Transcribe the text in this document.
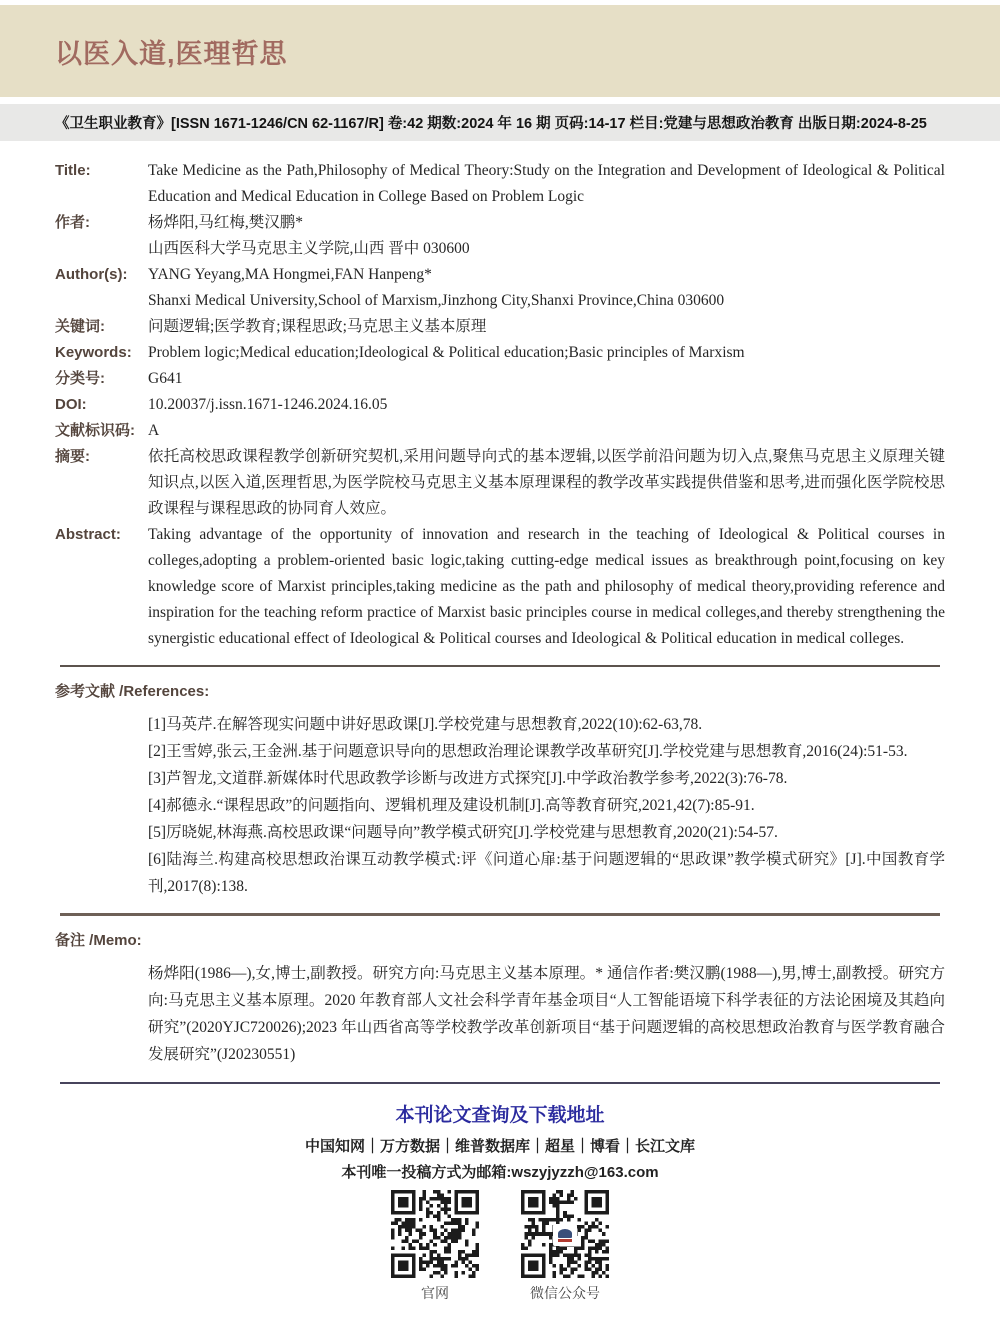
以医入道,医理哲思
《卫生职业教育》[ISSN 1671-1246/CN 62-1167/R] 卷:42 期数:2024 年 16 期 页码:14-17 栏目:党建与思想政治教育 出版日期:2024-8-25
Title:	Take Medicine as the Path,Philosophy of Medical Theory:Study on the Integration and Development of Ideological & Political Education and Medical Education in College Based on Problem Logic
作者:	杨烨阳,马红梅,樊汉鹏*
山西医科大学马克思主义学院,山西 晋中 030600
Author(s):	YANG Yeyang,MA Hongmei,FAN Hanpeng*
Shanxi Medical University,School of Marxism,Jinzhong City,Shanxi Province,China 030600
关键词:	问题逻辑;医学教育;课程思政;马克思主义基本原理
Keywords:	Problem logic;Medical education;Ideological & Political education;Basic principles of Marxism
分类号:	G641
DOI:	10.20037/j.issn.1671-1246.2024.16.05
文献标识码: A
摘要:	依托高校思政课程教学创新研究契机,采用问题导向式的基本逻辑,以医学前沿问题为切入点,聚焦马克思主义原理关键知识点,以医入道,医理哲思,为医学院校马克思主义基本原理课程的教学改革实践提供借鉴和思考,进而强化医学院校思政课程与课程思政的协同育人效应。
Abstract:	Taking advantage of the opportunity of innovation and research in the teaching of Ideological & Political courses in colleges,adopting a problem-oriented basic logic,taking cutting-edge medical issues as breakthrough point,focusing on key knowledge score of Marxist principles,taking medicine as the path and philosophy of medical theory,providing reference and inspiration for the teaching reform practice of Marxist basic principles course in medical colleges,and thereby strengthening the synergistic educational effect of Ideological & Political courses and Ideological & Political education in medical colleges.
参考文献 /References:

[1]马英芹.在解答现实问题中讲好思政课[J].学校党建与思想教育,2022(10):62-63,78.

[2]王雪婷,张云,王金洲.基于问题意识导向的思想政治理论课教学改革研究[J].学校党建与思想教育,2016(24):51-53.

[3]芦智龙,文道群.新媒体时代思政教学诊断与改进方式探究[J].中学政治教学参考,2022(3):76-78.

[4]郝德永.“课程思政”的问题指向、逻辑机理及建设机制[J].高等教育研究,2021,42(7):85-91.

[5]厉晓妮,林海燕.高校思政课“问题导向”教学模式研究[J].学校党建与思想教育,2020(21):54-57.

[6]陆海兰.构建高校思想政治课互动教学模式:评《问道心扉:基于问题逻辑的“思政课”教学模式研究》[J].中国教育学刊,2017(8):138.

备注 /Memo:

杨烨阳(1986—),女,博士,副教授。研究方向:马克思主义基本原理。* 通信作者:樊汉鹏(1988—),男,博士,副教授。研究方向:马克思主义基本原理。2020 年教育部人文社会科学青年基金项目“人工智能语境下科学表征的方法论困境及其趋向研究”(2020YJC720026);2023 年山西省高等学校教学改革创新项目“基于问题逻辑的高校思想政治教育与医学教育融合发展研究”(J20230551)

本刊论文查询及下载地址
中国知网｜万方数据｜维普数据库｜超星｜博看｜长江文库
本刊唯一投稿方式为邮箱:wszyjyzzh@163.com
官网	微信公众号
